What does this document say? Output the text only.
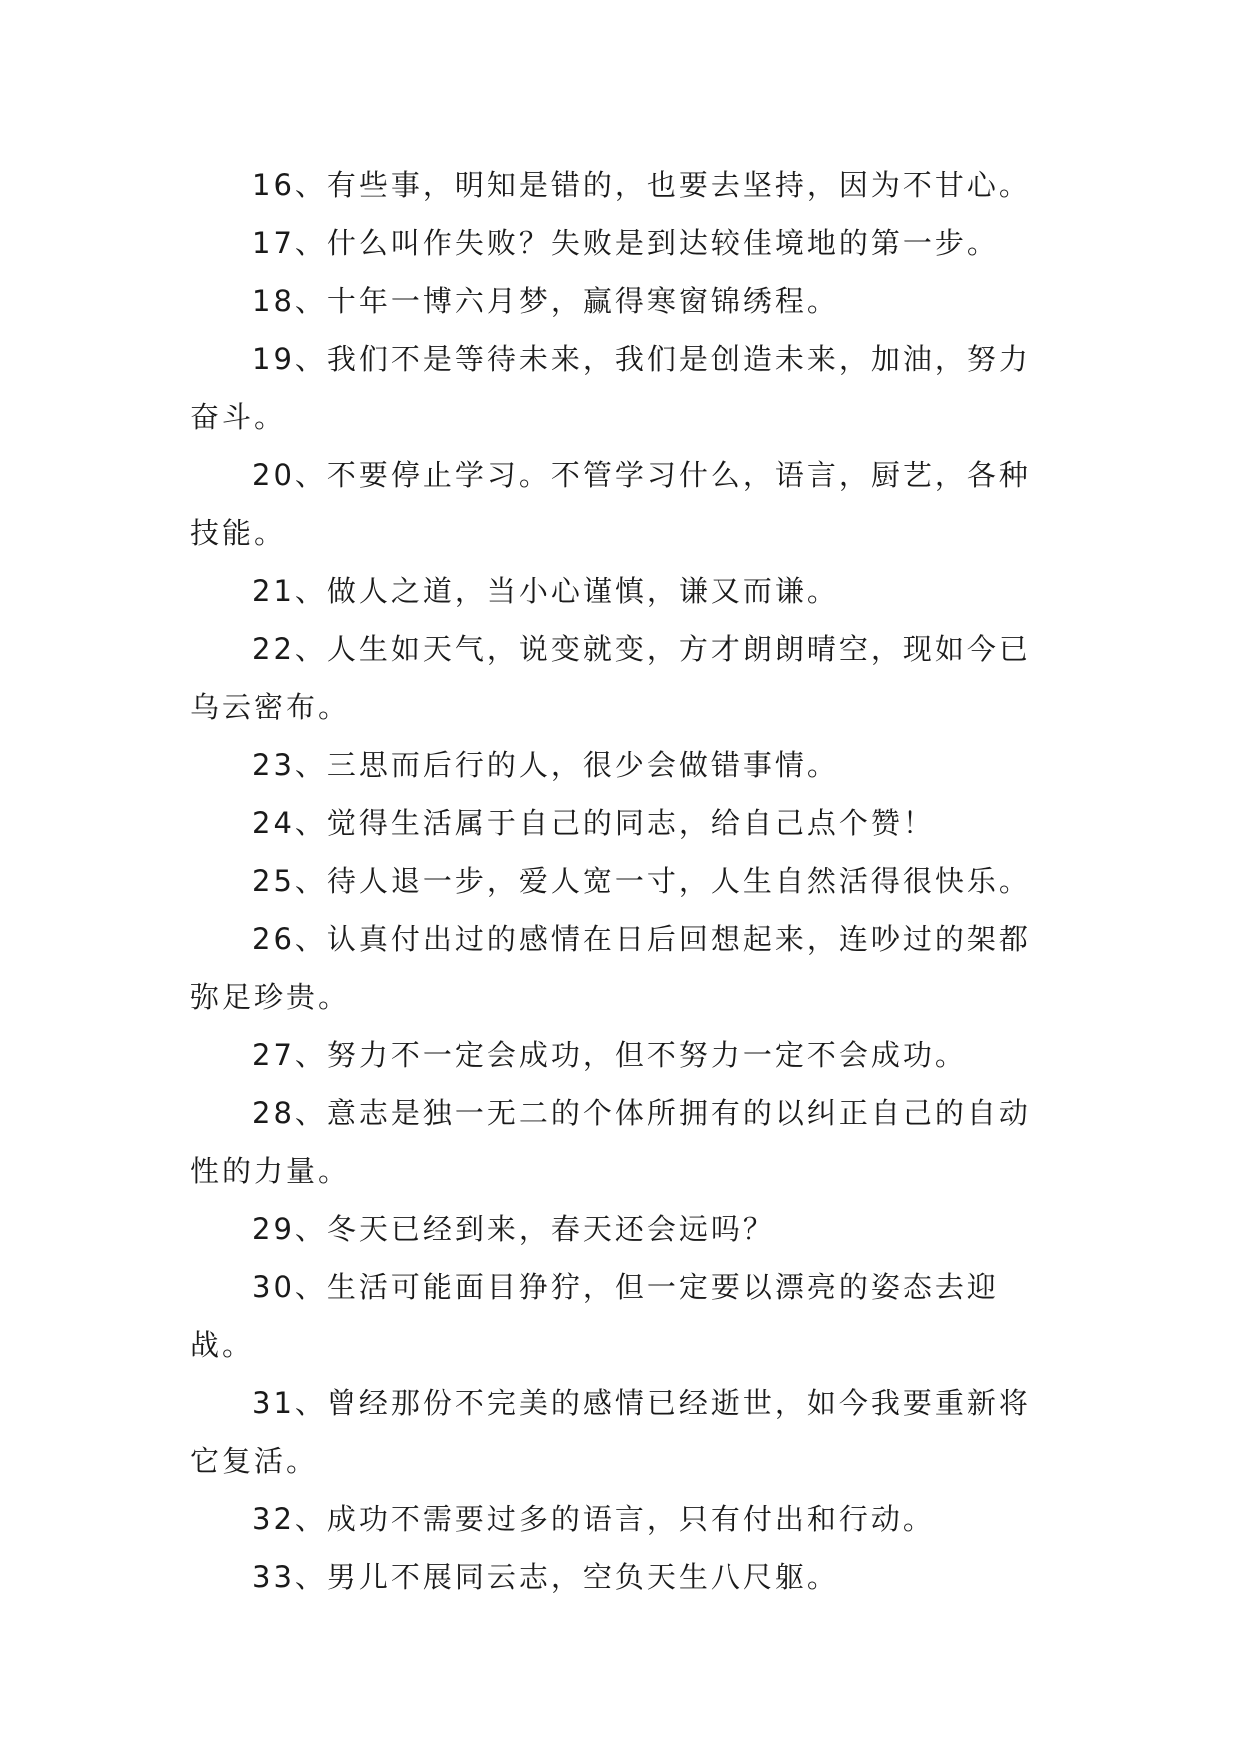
16、有些事，明知是错的，也要去坚持，因为不甘心。

17、什么叫作失败？失败是到达较佳境地的第一步。

18、十年一博六月梦，赢得寒窗锦绣程。

19、我们不是等待未来，我们是创造未来，加油，努力奋斗。

20、不要停止学习。不管学习什么，语言，厨艺，各种技能。

21、做人之道，当小心谨慎，谦又而谦。

22、人生如天气，说变就变，方才朗朗晴空，现如今已乌云密布。

23、三思而后行的人，很少会做错事情。

24、觉得生活属于自己的同志，给自己点个赞！

25、待人退一步，爱人宽一寸，人生自然活得很快乐。

26、认真付出过的感情在日后回想起来，连吵过的架都弥足珍贵。

27、努力不一定会成功，但不努力一定不会成功。

28、意志是独一无二的个体所拥有的以纠正自己的自动性的力量。

29、冬天已经到来，春天还会远吗？

30、生活可能面目狰狞，但一定要以漂亮的姿态去迎战。

31、曾经那份不完美的感情已经逝世，如今我要重新将它复活。

32、成功不需要过多的语言，只有付出和行动。

33、男儿不展同云志，空负天生八尺躯。
